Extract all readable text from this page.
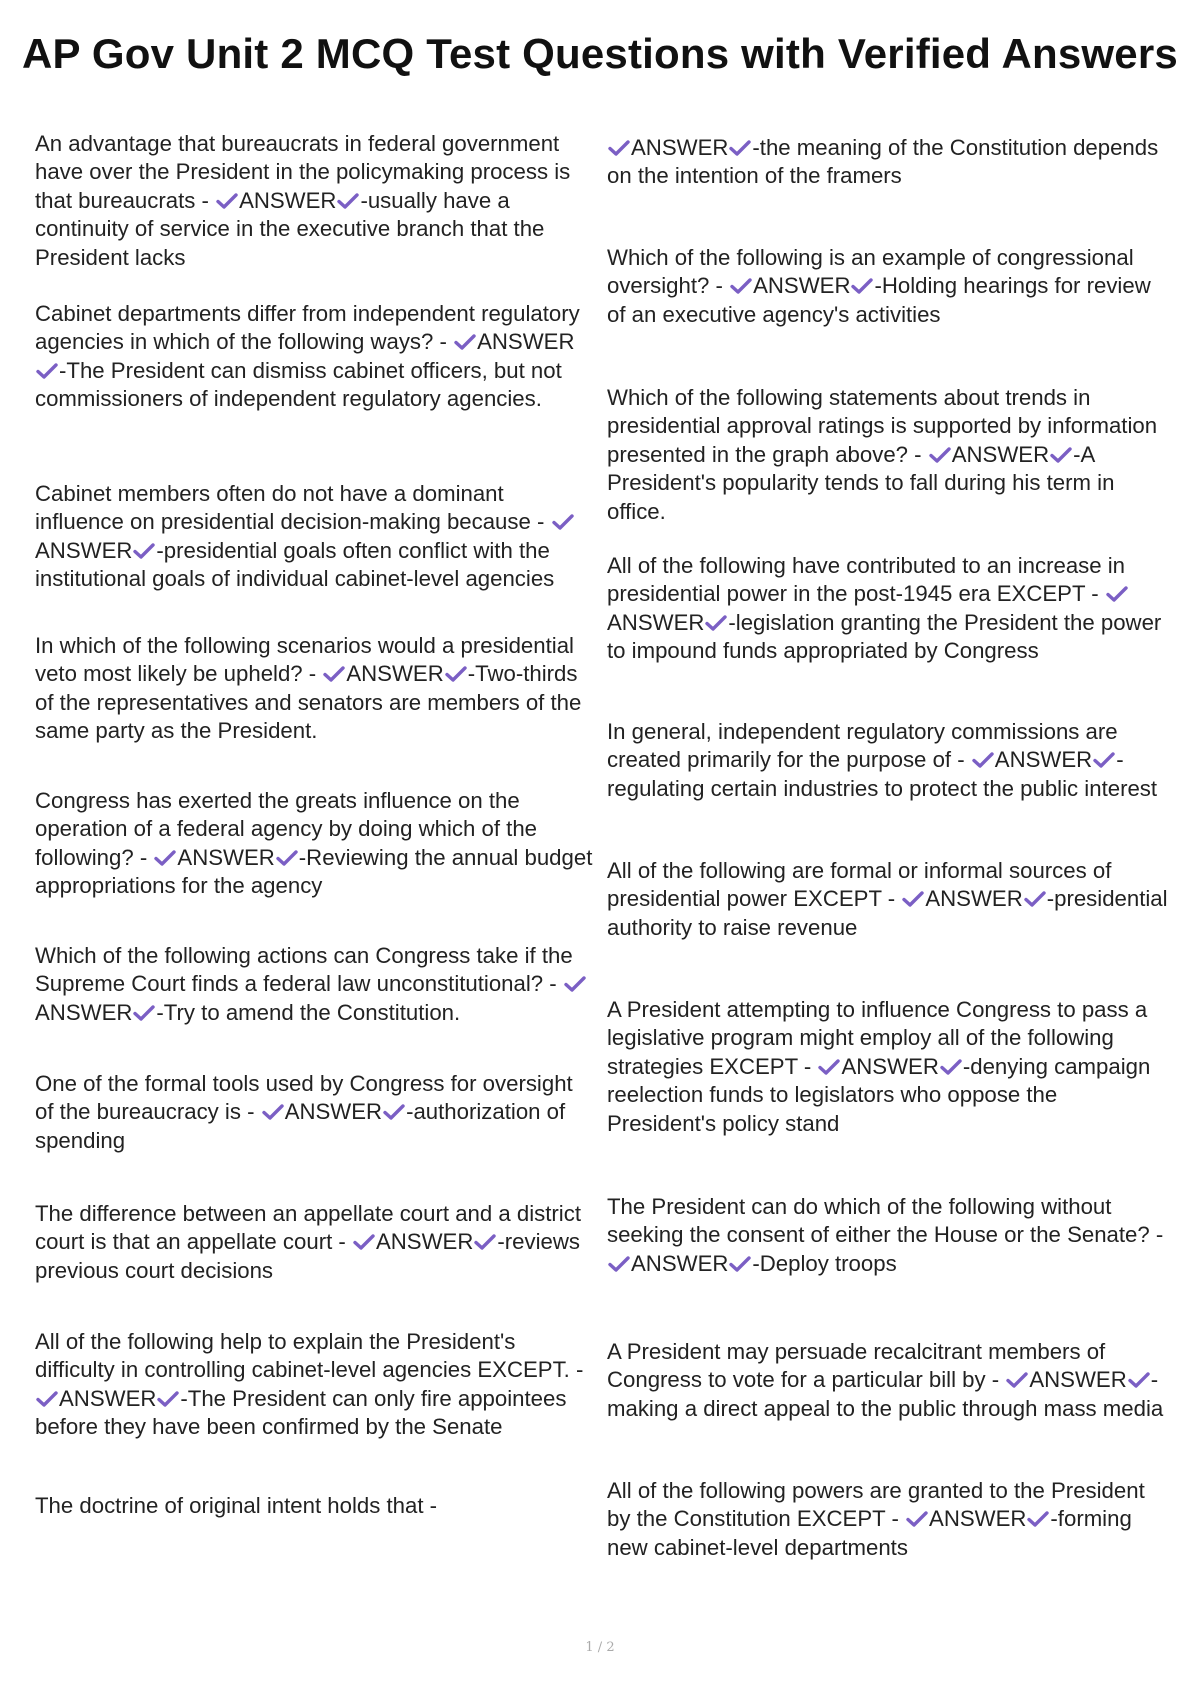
AP Gov Unit 2 MCQ Test Questions with Verified Answers
An advantage that bureaucrats in federal government have over the President in the policymaking process is that bureaucrats -
ANSWER -usually have a continuity of service in the executive branch that the President lacks
Cabinet departments differ from independent regulatory agencies in which of the following ways? -
ANSWER
-The President can dismiss cabinet officers, but not commissioners of independent regulatory agencies.
Cabinet members often do not have a dominant influence on presidential decision-making because -
ANSWER -presidential goals often conflict with the institutional goals of individual cabinet-level agencies
In which of the following scenarios would a presidential veto most likely be upheld? -
ANSWER -Two-thirds of the representatives and senators are members of the same party as the President.
Congress has exerted the greats influence on the operation of a federal agency by doing which of the following? -
ANSWER -Reviewing the annual budget appropriations for the agency
Which of the following actions can Congress take if the Supreme Court finds a federal law unconstitutional? -
ANSWER -Try to amend the Constitution.
One of the formal tools used by Congress for oversight of the bureaucracy is -
ANSWER -authorization of spending
The difference between an appellate court and a district court is that an appellate court -
ANSWER -reviews previous court decisions
All of the following help to explain the President's difficulty in controlling cabinet-level agencies EXCEPT. -
ANSWER -The President can only fire appointees before they have been confirmed by the Senate
The doctrine of original intent holds that -
ANSWER -the meaning of the Constitution depends on the intention of the framers
Which of the following is an example of congressional oversight? -
ANSWER -Holding hearings for review of an executive agency's activities
Which of the following statements about trends in presidential approval ratings is supported by information presented in the graph above? -
ANSWER -A President's popularity tends to fall during his term in office.
All of the following have contributed to an increase in presidential power in the post-1945 era EXCEPT -
ANSWER -legislation granting the President the power to impound funds appropriated by Congress
In general, independent regulatory commissions are created primarily for the purpose of -
ANSWER -regulating certain industries to protect the public interest
All of the following are formal or informal sources of presidential power EXCEPT -
ANSWER -presidential authority to raise revenue
A President attempting to influence Congress to pass a legislative program might employ all of the following strategies EXCEPT -
ANSWER -denying campaign reelection funds to legislators who oppose the President's policy stand
The President can do which of the following without seeking the consent of either the House or the Senate? -
ANSWER -Deploy troops
A President may persuade recalcitrant members of Congress to vote for a particular bill by -
ANSWER -making a direct appeal to the public through mass media
All of the following powers are granted to the President by the Constitution EXCEPT -
ANSWER -forming new cabinet-level departments
1 / 2
